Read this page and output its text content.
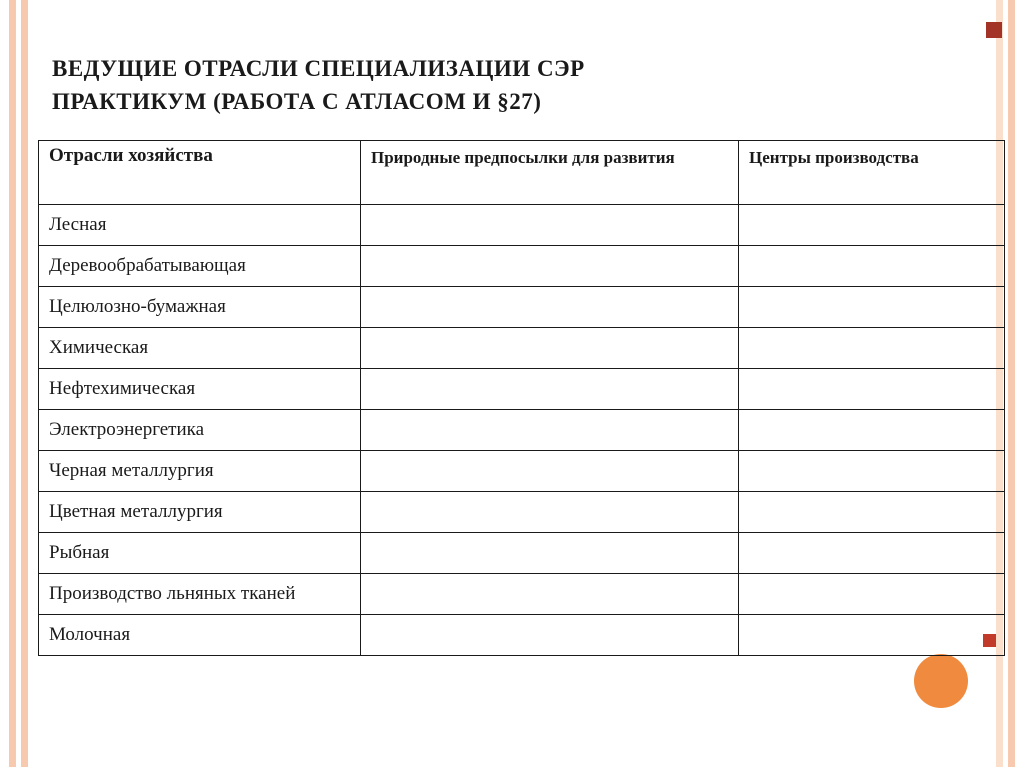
ВЕДУЩИЕ ОТРАСЛИ СПЕЦИАЛИЗАЦИИ СЭР
ПРАКТИКУМ (РАБОТА С АТЛАСОМ И §27)
Отрасли хозяйства	Природные предпосылки для развития	Центры производства
Лесная		
Деревообрабатывающая		
Целюлозно-бумажная		
Химическая		
Нефтехимическая		
Электроэнергетика		
Черная металлургия		
Цветная металлургия		
Рыбная		
Производство льняных тканей		
Молочная		
